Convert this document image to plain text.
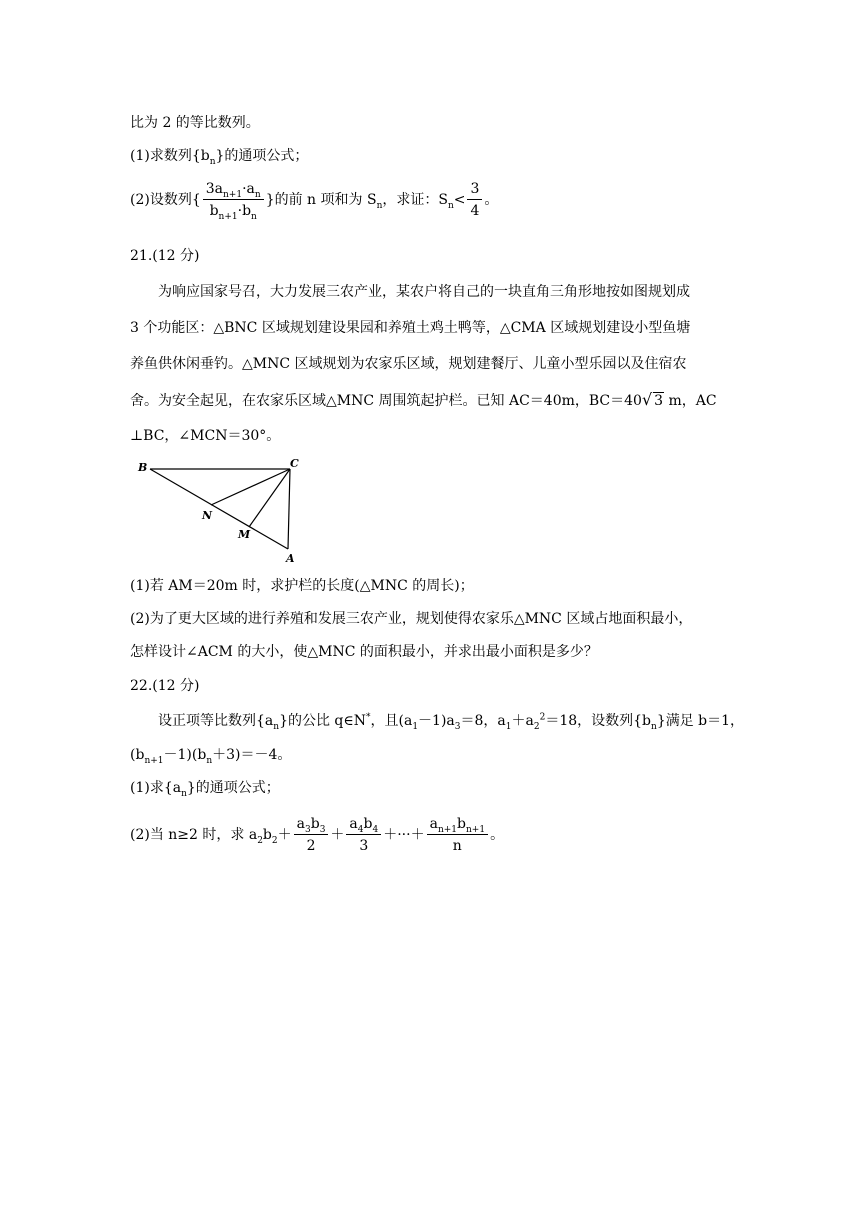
比为 2 的等比数列。
(1)求数列$\{b_n\}$的通项公式；
(2)设数列{ $\frac{3a_{n+1}\cdot a_n}{b_{n+1}\cdot b_n}$ }的前 n 项和为 $S_n$，求证：$S_n< \frac{3}{4}$ 。
21.(12 分)
为响应国家号召，大力发展三农产业，某农户将自己的一块直角三角形地按如图规划成
3 个功能区：△BNC 区域规划建设果园和养殖土鸡土鸭等，△CMA 区域规划建设小型鱼塘
养鱼供休闲垂钓。△MNC 区域规划为农家乐区域，规划建餐厅、儿童小型乐园以及住宿农
舍。为安全起见，在农家乐区域△MNC 周围筑起护栏。已知 AC＝40m，BC＝40√ 3 m，AC
⊥BC，∠MCN＝30°。
B	C
N
M
A
(1)若 AM＝20m 时，求护栏的长度(△MNC 的周长)；
(2)为了更大区域的进行养殖和发展三农产业，规划使得农家乐△MNC 区域占地面积最小，
怎样设计∠ACM 的大小，使△MNC 的面积最小，并求出最小面积是多少？
22.(12 分)
设正项等比数列$\{a_n\}$的公比 q∈N*，且$(a_1-1)a_3=8$，$a_1+a_2^2=18$，设数列$\{b_n\}$满足 b＝1，
$(b_{n+1}-1)(b_n+3)=-4$。
(1)求$\{a_n\}$的通项公式；
(2)当 n≥2 时，求 $a_2b_2+ \frac{a_3b_3}{2} + \frac{a_4b_4}{3}$ ＋···＋ $\frac{a_{n+1}b_{n+1}}{n}$ 。
